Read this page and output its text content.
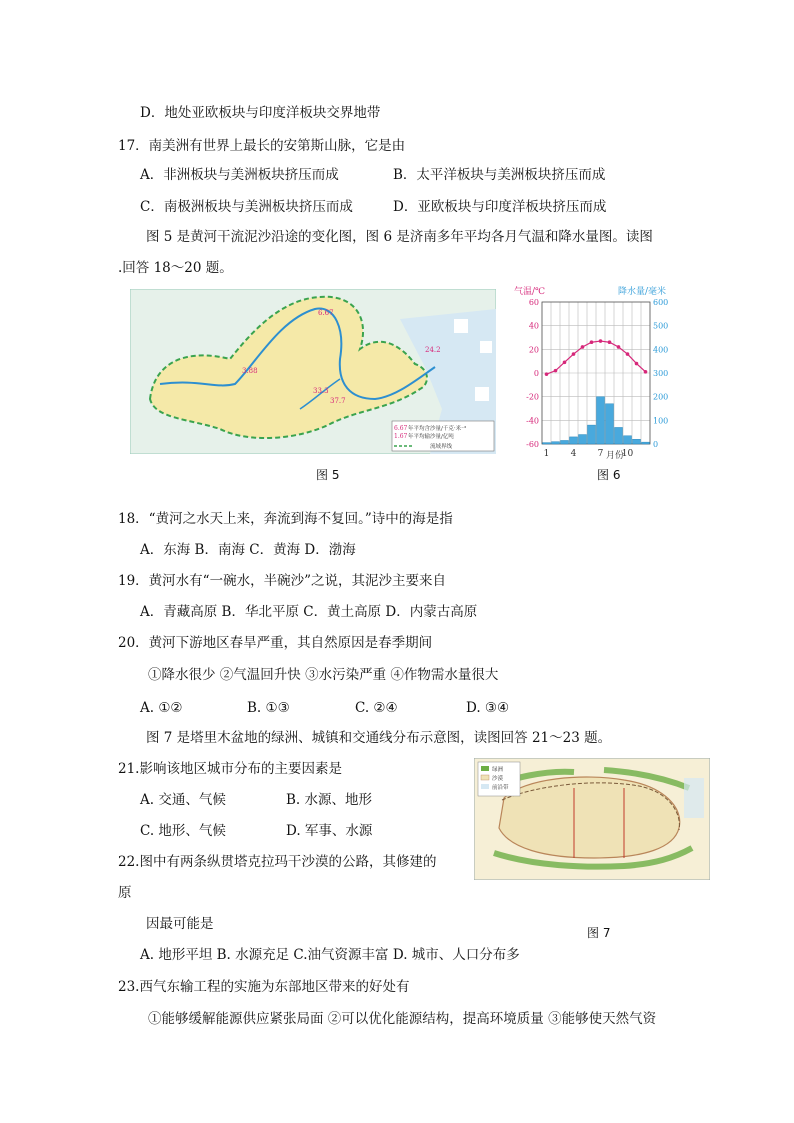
D．地处亚欧板块与印度洋板块交界地带
17．南美洲有世界上最长的安第斯山脉，它是由
A．非洲板块与美洲板块挤压而成	B．太平洋板块与美洲板块挤压而成
C．南极洲板块与美洲板块挤压而成	D．亚欧板块与印度洋板块挤压而成
图 5 是黄河干流泥沙沿途的变化图，图 6 是济南多年平均各月气温和降水量图。读图
.回答 18～20 题。
6.67
3.88
33.3
37.7
24.2
6.67 年平均含沙量/千克·米⁻³
1.67 年平均输沙量/亿吨
流域界线
气温/℃	降水量/毫米
60	600
40	500
20	400
0	300
-20	200
-40	100
-60	0
1 4 7 10
月份
图 5	图 6
18．“黄河之水天上来，奔流到海不复回。”诗中的海是指
A．东海 B．南海 C．黄海 D．渤海
19．黄河水有“一碗水，半碗沙”之说，其泥沙主要来自
A．青藏高原 B．华北平原 C．黄土高原 D．内蒙古高原
20．黄河下游地区春旱严重，其自然原因是春季期间
①降水很少 ②气温回升快 ③水污染严重 ④作物需水量很大
A. ①②	B. ①③	C. ②④	D. ③④
图 7 是塔里木盆地的绿洲、城镇和交通线分布示意图，读图回答 21～23 题。
21.影响该地区城市分布的主要因素是
A. 交通、气候	B. 水源、地形
C. 地形、气候	D. 军事、水源
22.图中有两条纵贯塔克拉玛干沙漠的公路，其修建的
原
因最可能是
绿洲
沙漠
前沿带
图 7
A. 地形平坦 B. 水源充足 C.油气资源丰富 D. 城市、人口分布多
23.西气东输工程的实施为东部地区带来的好处有
①能够缓解能源供应紧张局面 ②可以优化能源结构，提高环境质量 ③能够使天然气资
